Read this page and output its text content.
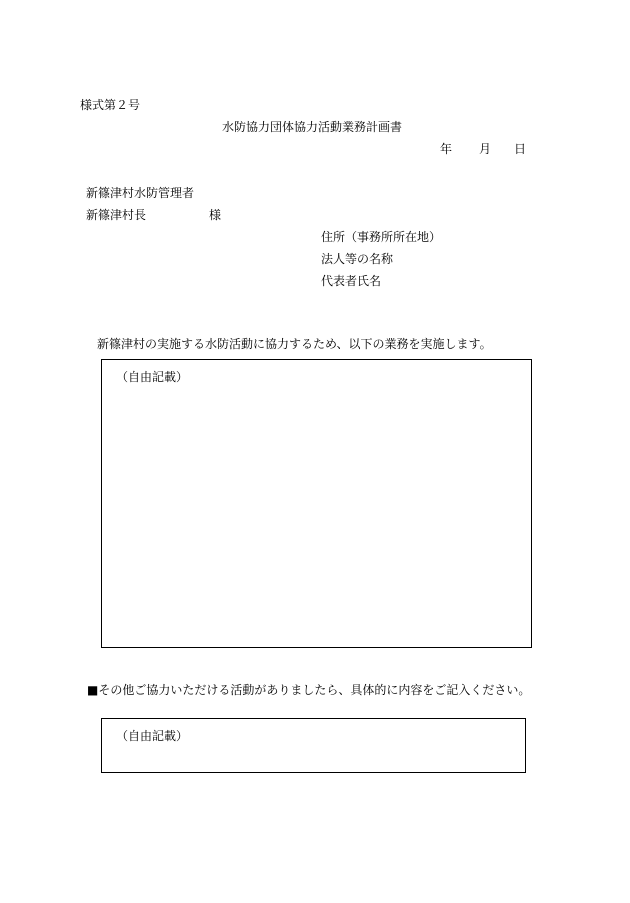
様式第２号
水防協力団体協力活動業務計画書
年 月 日
新篠津村水防管理者
新篠津村長	様
住所（事務所所在地）
法人等の名称
代表者氏名
新篠津村の実施する水防活動に協力するため、以下の業務を実施します。
（自由記載）
■その他ご協力いただける活動がありましたら、具体的に内容をご記入ください。
（自由記載）
